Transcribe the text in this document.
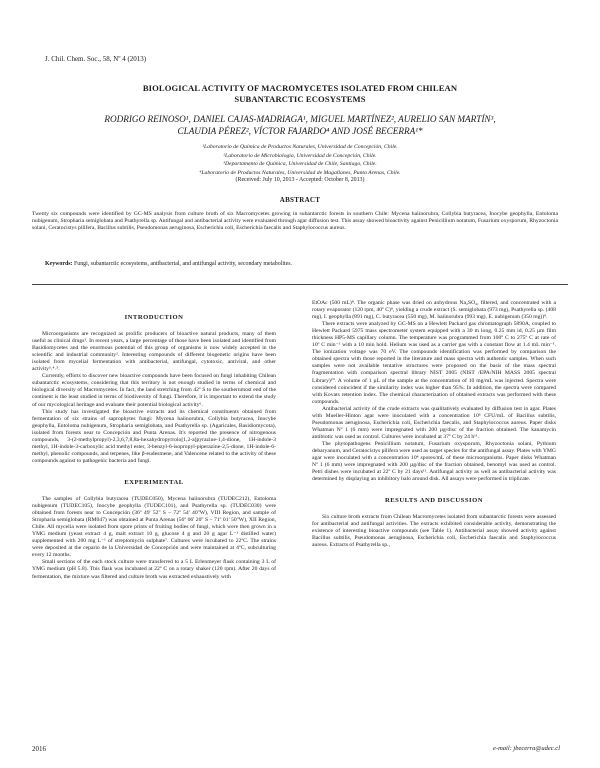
J. Chil. Chem. Soc., 58, Nº 4 (2013)
BIOLOGICAL ACTIVITY OF MACROMYCETES ISOLATED FROM CHILEAN
SUBANTARCTIC ECOSYSTEMS
RODRIGO REINOSO¹, DANIEL CAJAS-MADRIAGA¹, MIGUEL MARTÍNEZ², AURELIO SAN MARTÍN³,
CLAUDIA PÉREZ², VÍCTOR FAJARDO⁴ AND JOSÉ BECERRA¹*
¹Laboratorio de Química de Productos Naturales, Universidad de Concepción, Chile.
²Laboratorio de Microbiología, Universidad de Concepción, Chile.
³Departamento de Química, Universidad de Chile, Santiago, Chile.
⁴Laboratorio de Productos Naturales, Universidad de Magallanes, Punta Arenas, Chile.
(Received: July 10, 2013 - Accepted: October 8, 2013)
ABSTRACT
Twenty six compounds were identified by GC-MS analysis from culture broth of six Macromycetes growing in subantarctic forests in southern Chile: Mycena haiinorubra, Collybia butyracea, Inocybe geophylla, Entoloma nubigenum, Stropharia semiglobata and Psathyrella sp. Antifungal and antibacterial activity were evaluated through agar diffusion test. This assay showed bioactivity against Penicillium notatum, Fusarium oxysporum, Rhyzoctonia solani, Ceratocistys pilifera, Bacillus subtilis, Pseudomonas aeruginosa, Escherichia coli, Escherichia faecalis and Staphylococcus aureus.
Keywords: Fungi, subantarctic ecosystems, antibacterial, and antifungal activity, secondary metabolites.

INTRODUCTION

Microorganisms are recognized as prolific producers of bioactive natural products, many of them useful as clinical drugs¹. In recent years, a large percentage of those have been isolated and identified from Basidiomycetes and the enormous potential of this group of organisms is now widely accepted in the scientific and industrial community². Interesting compounds of different biogenetic origins have been isolated from mycelial fermentation with antibacterial, antifungal, cytotoxic, antiviral, and other activity³˒⁴˒⁵.

Currently, efforts to discover new bioactive compounds have been focused on fungi inhabiting Chilean subantarctic ecosystems, considering that this territory is not enough studied in terms of chemical and biological diversity of Macromycetes. In fact, the land stretching from 42º S to the southernmost end of the continent is the least studied in terms of biodiversity of fungi. Therefore, it is important to extend the study of our mycological heritage and evaluate their potential biological activity⁶.

This study has investigated the bioactive extracts and its chemical constituents obtained from fermentation of six strains of saprophytes fungi: Mycena haiinorubra, Collybia butyracea, Inocybe geophylla, Entoloma nubigenum, Stropharia semiglobata, and Psathyrella sp. (Agaricales, Basidiomycota), isolated from forests near to Concepción and Punta Arenas. It's reported the presence of nitrogenous compounds, 3-(2-methylpropyl)-2,3,6,7,8,8a-hexahydropyrrolo[1,2-a]pyrazine-1,4-dione, 1H-indole-3 methyl, 1H-indole-3-carboxylic acid methyl ester, 3-benzyl-6-isopropyl-piperazine-2,5-dione, 1H-indole-6-methyl, phenolic compounds, and terpenes, like β-eudesmene, and Valencene related to the activity of these compounds against to pathogenic bacteria and fungi.

EXPERIMENTAL

The samples of Collybia butyracea (TUDEC050), Mycena haiinorubra (TUDEC212), Entoloma nubigenum (TUDEC105), Inocybe geophylla (TUDEC101), and Psathyrella sp. (TUDEC030) were obtained from forests near to Concepción (36º 49' 52'' S – 72º 54' 40''W), VIII Region, and sample of Stropharia semiglobata (RM047) was obtained at Punta Arenas (56º 06' 20'' S – 71º 01' 50''W), XII Region, Chile. All mycelia were isolated from spore prints of fruiting bodies of fungi, which were then grown in a YMG medium (yeast extract 4 g, malt extract 10 g, glucose 4 g and 20 g agar L⁻¹ distilled water) supplemented with 200 mg L⁻¹ of streptomycin sulphate⁷. Cultures were incubated to 22ºC. The strains were deposited at the cepario de la Universidad de Concepción and were maintained at 4ºC, subculturing every 12 months.

Small sections of the each stock culture were transferred to a 5 L Erlenmeyer flask containing 3 L of YMG medium (pH 5.8). This flask was incubated at 22º C on a rotary shaker (120 rpm). After 20 days of fermentation, the mixture was filtered and culture broth was extracted exhaustively with

EtOAc (500 mL)⁸. The organic phase was dried on anhydrous Na₂SO₄, filtered, and concentrated with a rotary evaporator (120 rpm, 40º C)⁹, yielding a crude extract (S. semiglobata (973 mg), Psathyrella sp. (408 mg), I. geophylla (891 mg), C. butyracea (550 mg), M. haiinorubra (993 mg), E. nubigenum (350 mg))⁹.

There extracts were analyzed by GC-MS on a Hewlett Packard gas chromatograph 5890A, coupled to Hewlett Packard 5975 mass spectrometer system equipped with a 30 m long, 0.25 mm id, 0.25 µm film thickness HP5-MS capillary column. The temperature was programmed from 100º C to 275º C at rate of 10º C min⁻¹ with a 10 min hold. Helium was used as a carrier gas with a constant flow at 1.4 mL min⁻¹. The ionization voltage was 70 eV. The compounds identification was performed by comparison the obtained spectra with those reported in the literature and mass spectra with authentic samples. When such samples were not available tentative structures were proposed on the basis of the mass spectral fragmentation with comparison spectral library NIST 2005 (NIST /EPA/NIH MASS 2005 spectral Library)¹⁰. A volume of 1 µL of the sample at the concentration of 10 mg/mL was injected. Spectra were considered coincident if the similarity index was higher than 95%. In addition, the spectra were compared with Kovats retention index. The chemical characterization of obtained extracts was performed with these compounds.

Antibacterial activity of the crude extracts was qualitatively evaluated by diffusion test in agar. Plates with Mueller-Hinton agar were inoculated with a concentration 10⁶ CFU/mL of Bacillus subtilis, Pseudomonas aeruginosa, Escherichia coli, Escherichia faecalis, and Staphylococcus aureus. Paper disks Whatman Nº 1 (6 mm) were impregnated with 200 µg/disc of the fraction obtained. The kanamycin antibiotic was used as control. Cultures were incubated at 37º C by 24 h¹¹.

The phytopathogens Penicillium notatum, Fusarium oxysporum, Rhyzoctonia solani, Pythium debaryanum, and Ceratocistys pilifera were used as target species for the antifungal assay. Plates with YMG agar were inoculated with a concentration 10⁴ spores/mL of these microorganisms. Paper disks Whatman Nº 1 (6 mm) were impregnated with 200 µg/disc of the fraction obtained, benomyl was used as control. Petri dishes were incubated at 22º C by 21 days¹¹. Antifungal activity as well as antibacterial activity was determined by displaying an inhibitory halo around disk. All assays were performed in triplicate.

RESULTS AND DISCUSSION

Six culture broth extracts from Chilean Macromycetes isolated from subantarctic forests were assessed for antibacterial and antifungal activities. The extracts exhibited considerable activity, demonstrating the existence of interesting bioactive compounds (see Table 1). Antibacterial assay showed activity against Bacillus subtilis, Pseudomonas aeruginosa, Escherichia coli, Escherichia faecalis and Staphylococcus aureus. Extracts of Psathyrella sp.,

2016	e-mail: jbecerra@udec.cl
